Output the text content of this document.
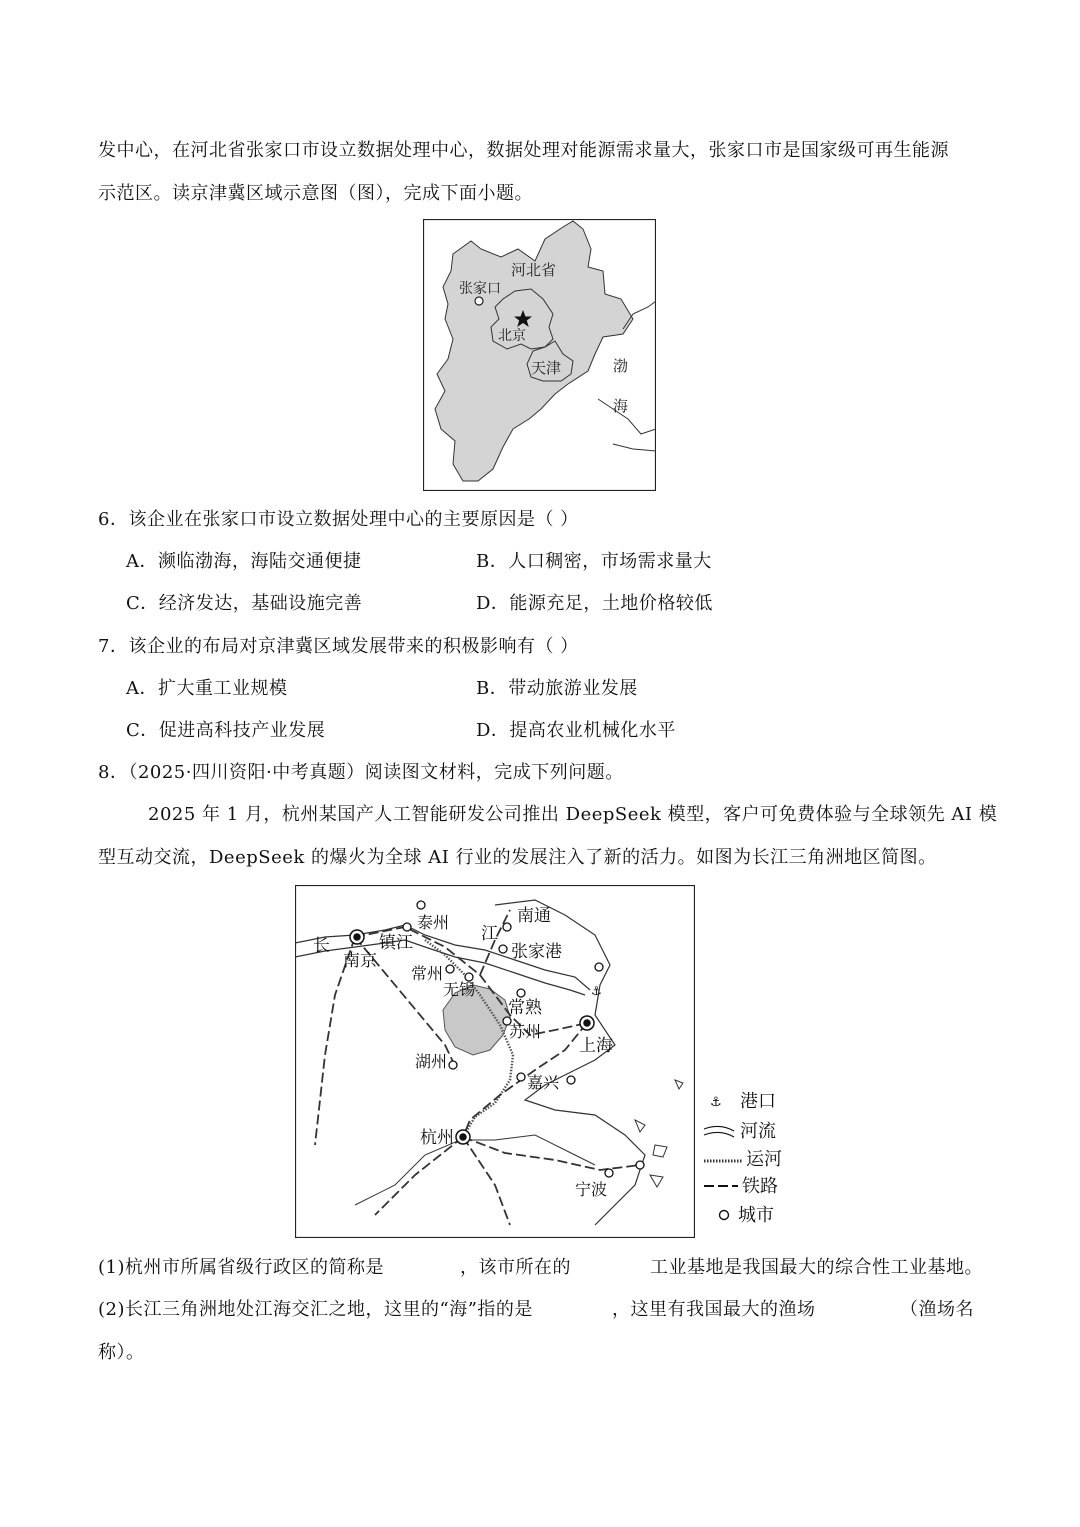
发中心，在河北省张家口市设立数据处理中心，数据处理对能源需求量大，张家口市是国家级可再生能源
示范区。读京津冀区域示意图（图），完成下面小题。
河北省
张家口
北京
天津	渤
海
6．该企业在张家口市设立数据处理中心的主要原因是（ ）
A．濒临渤海，海陆交通便捷	B．人口稠密，市场需求量大
C．经济发达，基础设施完善	D．能源充足，土地价格较低
7．该企业的布局对京津冀区域发展带来的积极影响有（ ）
A．扩大重工业规模	B．带动旅游业发展
C．促进高科技产业发展	D．提高农业机械化水平
8．（2025·四川资阳·中考真题）阅读图文材料，完成下列问题。
2025 年 1 月，杭州某国产人工智能研发公司推出 DeepSeek 模型，客户可免费体验与全球领先 AI 模
型互动交流，DeepSeek 的爆火为全球 AI 行业的发展注入了新的活力。如图为长江三角洲地区简图。
⚓
泰州	南通
江
长
南京
镇江	张家港
常州
无锡
常熟
苏州
上海
湖州
嘉兴
杭州
宁波
⚓ 港口
河流
运河
铁路
城市
(1)杭州市所属省级行政区的简称是	，该市所在的	工业基地是我国最大的综合性工业基地。
(2)长江三角洲地处江海交汇之地，这里的“海”指的是	，这里有我国最大的渔场	（渔场名
称）。
